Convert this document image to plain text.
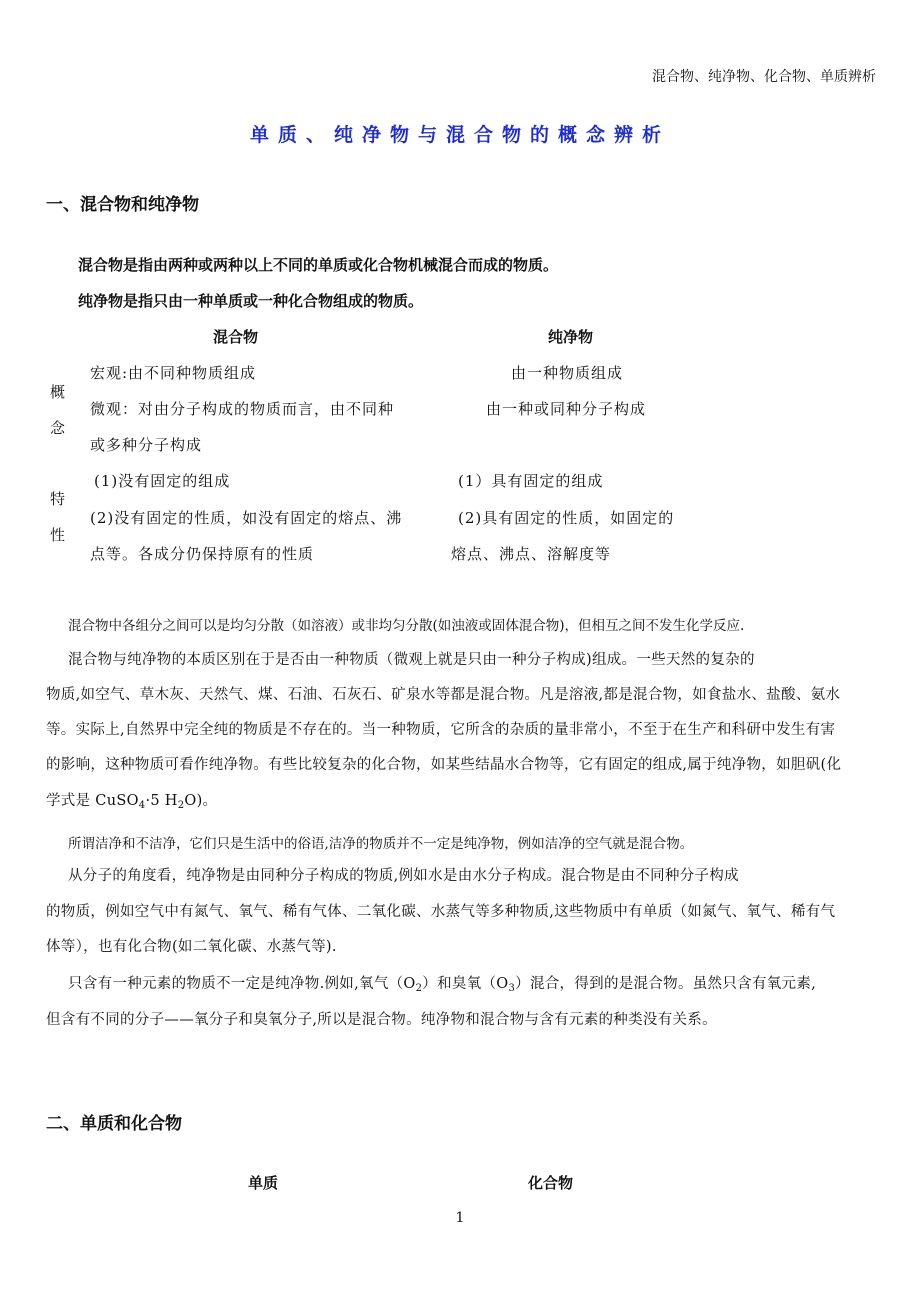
混合物、纯净物、化合物、单质辨析
单质、纯净物与混合物的概念辨析
一、混合物和纯净物
混合物是指由两种或两种以上不同的单质或化合物机械混合而成的物质。
纯净物是指只由一种单质或一种化合物组成的物质。
混合物	纯净物
概
念
宏观:由不同种物质组成	由一种物质组成
微观：对由分子构成的物质而言，由不同种	由一种或同种分子构成
或多种分子构成
特
性
(1)没有固定的组成	(1）具有固定的组成
(2)没有固定的性质，如没有固定的熔点、沸	(2)具有固定的性质，如固定的
点等。各成分仍保持原有的性质	熔点、沸点、溶解度等
混合物中各组分之间可以是均匀分散（如溶液）或非均匀分散(如浊液或固体混合物)，但相互之间不发生化学反应.
混合物与纯净物的本质区别在于是否由一种物质（微观上就是只由一种分子构成)组成。一些天然的复杂的
物质,如空气、草木灰、天然气、煤、石油、石灰石、矿泉水等都是混合物。凡是溶液,都是混合物，如食盐水、盐酸、氨水
等。实际上,自然界中完全纯的物质是不存在的。当一种物质，它所含的杂质的量非常小，不至于在生产和科研中发生有害
的影响，这种物质可看作纯净物。有些比较复杂的化合物，如某些结晶水合物等，它有固定的组成,属于纯净物，如胆矾(化
学式是 CuSO$_4$·5 $H_2O$)。
所谓洁净和不洁净，它们只是生活中的俗语,洁净的物质并不一定是纯净物，例如洁净的空气就是混合物。
从分子的角度看，纯净物是由同种分子构成的物质,例如水是由水分子构成。混合物是由不同种分子构成
的物质，例如空气中有氮气、氧气、稀有气体、二氧化碳、水蒸气等多种物质,这些物质中有单质（如氮气、氧气、稀有气
体等），也有化合物(如二氧化碳、水蒸气等).
只含有一种元素的物质不一定是纯净物.例如,氧气$(O_2)$和臭氧$(O_3)$混合，得到的是混合物。虽然只含有氧元素,
但含有不同的分子——氧分子和臭氧分子,所以是混合物。纯净物和混合物与含有元素的种类没有关系。
二、单质和化合物
单质	化合物
1
